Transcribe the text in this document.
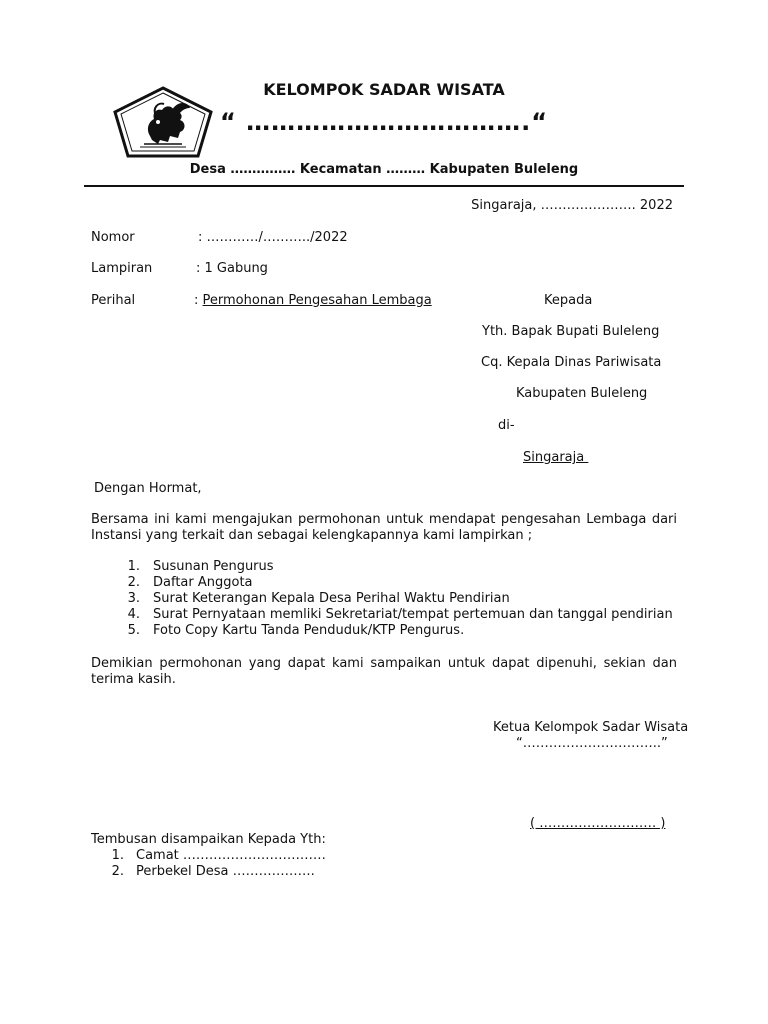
KELOMPOK SADAR WISATA
“ …………………………….“
Desa …………… Kecamatan ……… Kabupaten Buleleng
Singaraja, …………………. 2022
Nomor	: …………/………../2022
Lampiran	: 1 Gabung
Perihal	: Permohonan Pengesahan Lembaga	Kepada
Yth. Bapak Bupati Buleleng
Cq. Kepala Dinas Pariwisata
Kabupaten Buleleng
di-
Singaraja
Dengan Hormat,
Bersama ini kami mengajukan permohonan untuk mendapat pengesahan Lembaga dari Instansi yang terkait dan sebagai kelengkapannya kami lampirkan ;
1. Susunan Pengurus
2. Daftar Anggota
3. Surat Keterangan Kepala Desa Perihal Waktu Pendirian
4. Surat Pernyataan memliki Sekretariat/tempat pertemuan dan tanggal pendirian
5. Foto Copy Kartu Tanda Penduduk/KTP Pengurus.
Demikian permohonan yang dapat kami sampaikan untuk dapat dipenuhi, sekian dan terima kasih.
Ketua Kelompok Sadar Wisata
“…………………………..”
( ……………………… )
Tembusan disampaikan Kepada Yth:
1. Camat ……………………………
2. Perbekel Desa ……………….
